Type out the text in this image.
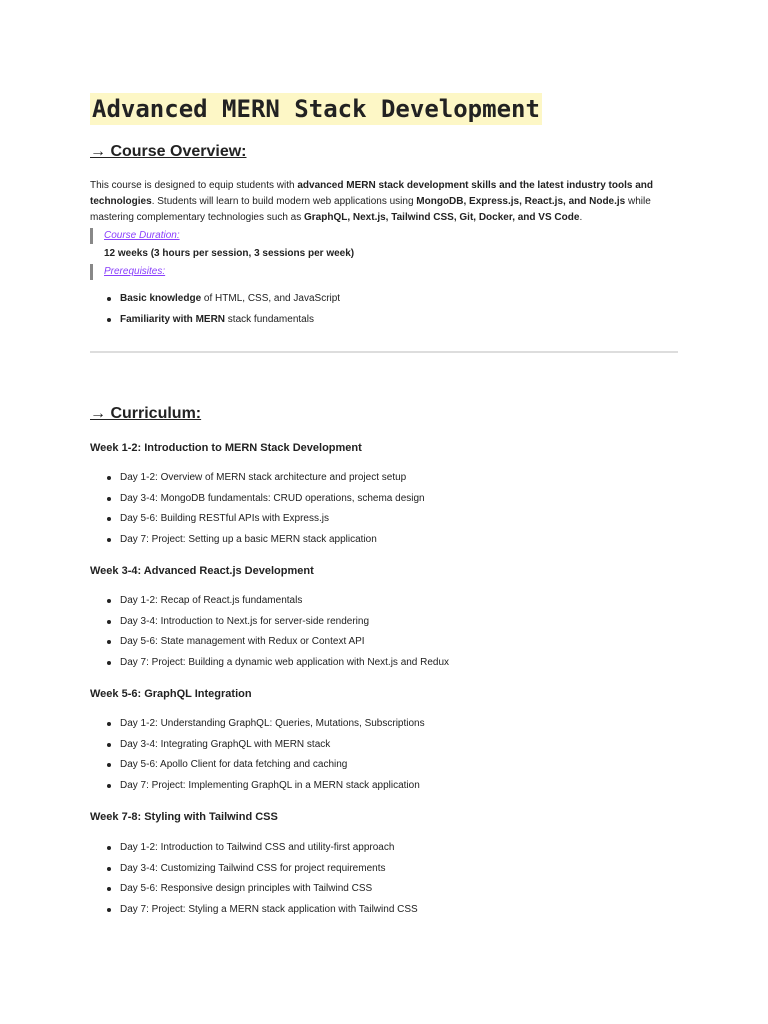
Advanced MERN Stack Development
→ Course Overview:

This course is designed to equip students with advanced MERN stack development skills and the latest industry tools and technologies. Students will learn to build modern web applications using MongoDB, Express.js, React.js, and Node.js while mastering complementary technologies such as GraphQL, Next.js, Tailwind CSS, Git, Docker, and VS Code.

Course Duration:
12 weeks (3 hours per session, 3 sessions per week)
Prerequisites:
Basic knowledge of HTML, CSS, and JavaScript
Familiarity with MERN stack fundamentals
→ Curriculum:
Week 1-2: Introduction to MERN Stack Development
Day 1-2: Overview of MERN stack architecture and project setup
Day 3-4: MongoDB fundamentals: CRUD operations, schema design
Day 5-6: Building RESTful APIs with Express.js
Day 7: Project: Setting up a basic MERN stack application
Week 3-4: Advanced React.js Development
Day 1-2: Recap of React.js fundamentals
Day 3-4: Introduction to Next.js for server-side rendering
Day 5-6: State management with Redux or Context API
Day 7: Project: Building a dynamic web application with Next.js and Redux
Week 5-6: GraphQL Integration
Day 1-2: Understanding GraphQL: Queries, Mutations, Subscriptions
Day 3-4: Integrating GraphQL with MERN stack
Day 5-6: Apollo Client for data fetching and caching
Day 7: Project: Implementing GraphQL in a MERN stack application
Week 7-8: Styling with Tailwind CSS
Day 1-2: Introduction to Tailwind CSS and utility-first approach
Day 3-4: Customizing Tailwind CSS for project requirements
Day 5-6: Responsive design principles with Tailwind CSS
Day 7: Project: Styling a MERN stack application with Tailwind CSS
